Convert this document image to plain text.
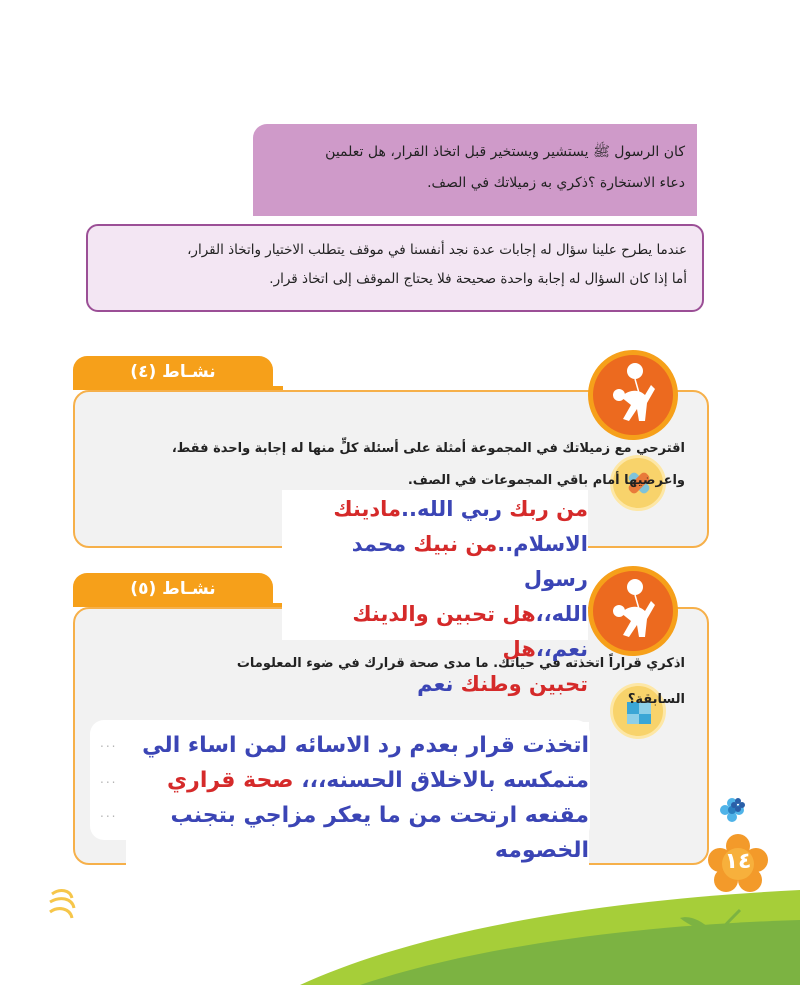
كان الرسول ﷺ يستشير ويستخير قبل اتخاذ القرار، هل تعلمين
دعاء الاستخارة ؟ذكري به زميلاتك في الصف.
عندما يطرح علينا سؤال له إجابات عدة نجد أنفسنا في موقف يتطلب الاختيار واتخاذ القرار،
أما إذا كان السؤال له إجابة واحدة صحيحة فلا يحتاج الموقف إلى اتخاذ قرار.
نشـاط (٤)
اقترحي مع زميلاتك في المجموعة أمثلة على أسئلة كلٍّ منها له إجابة واحدة فقط،
واعرضيها أمام باقي المجموعات في الصف.
نشـاط (٥)
اذكري قراراً اتخذته في حياتك. ما مدى صحة قرارك في ضوء المعلومات
السابقة؟
...
...
...
من ربك ربي الله..مادينك
الاسلام..من نبيك محمد رسول
الله،،هل تحبين والدينك نعم،،هل
تحبين وطنك نعم
اتخذت قرار بعدم رد الاسائه لمن اساء الي
متمكسه بالاخلاق الحسنه،،، صحة قراري
مقنعه ارتحت من ما يعكر مزاجي بتجنب
الخصومه	١٤
